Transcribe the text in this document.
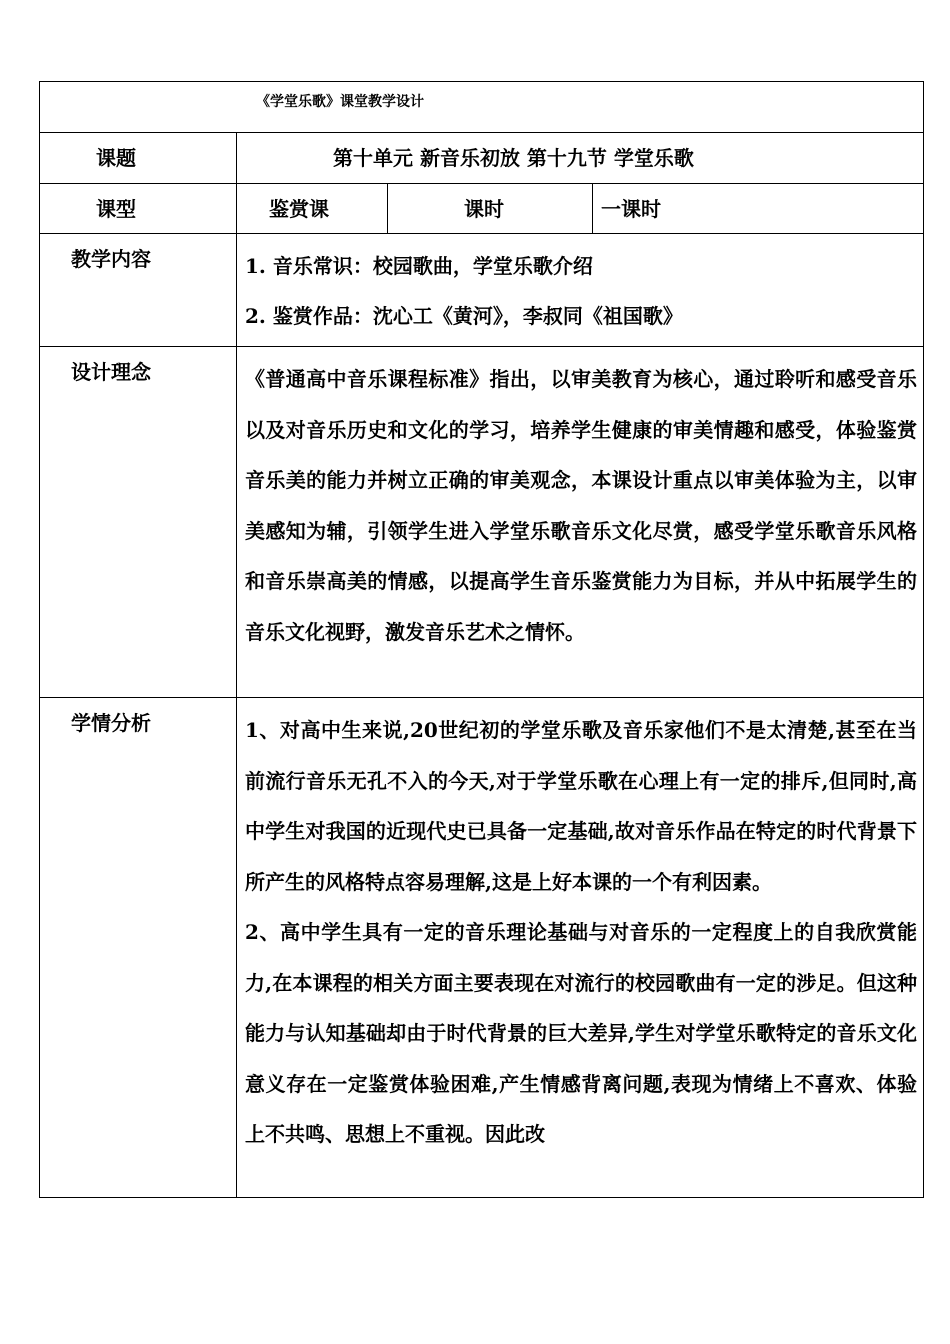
《学堂乐歌》课堂教学设计			

课题	第十单元 新音乐初放 第十九节 学堂乐歌		

课型	鉴赏课	课时	一课时
教学内容	1. 音乐常识：校园歌曲，学堂乐歌介绍
2. 鉴赏作品：沈心工《黄河》，李叔同《祖国歌》		

设计理念	《普通高中音乐课程标准》指出，以审美教育为核心，通过聆听和感受音乐以及对音乐历史和文化的学习，培养学生健康的审美情趣和感受，体验鉴赏音乐美的能力并树立正确的审美观念，本课设计重点以审美体验为主，以审美感知为辅，引领学生进入学堂乐歌音乐文化尽赏，感受学堂乐歌音乐风格和音乐崇高美的情感，以提高学生音乐鉴赏能力为目标，并从中拓展学生的音乐文化视野，激发音乐艺术之情怀。		

学情分析	1、对高中生来说,20世纪初的学堂乐歌及音乐家他们不是太清楚,甚至在当前流行音乐无孔不入的今天,对于学堂乐歌在心理上有一定的排斥,但同时,高中学生对我国的近现代史已具备一定基础,故对音乐作品在特定的时代背景下所产生的风格特点容易理解,这是上好本课的一个有利因素。
2、高中学生具有一定的音乐理论基础与对音乐的一定程度上的自我欣赏能力,在本课程的相关方面主要表现在对流行的校园歌曲有一定的涉足。但这种能力与认知基础却由于时代背景的巨大差异,学生对学堂乐歌特定的音乐文化意义存在一定鉴赏体验困难,产生情感背离问题,表现为情绪上不喜欢、体验上不共鸣、思想上不重视。因此改		
